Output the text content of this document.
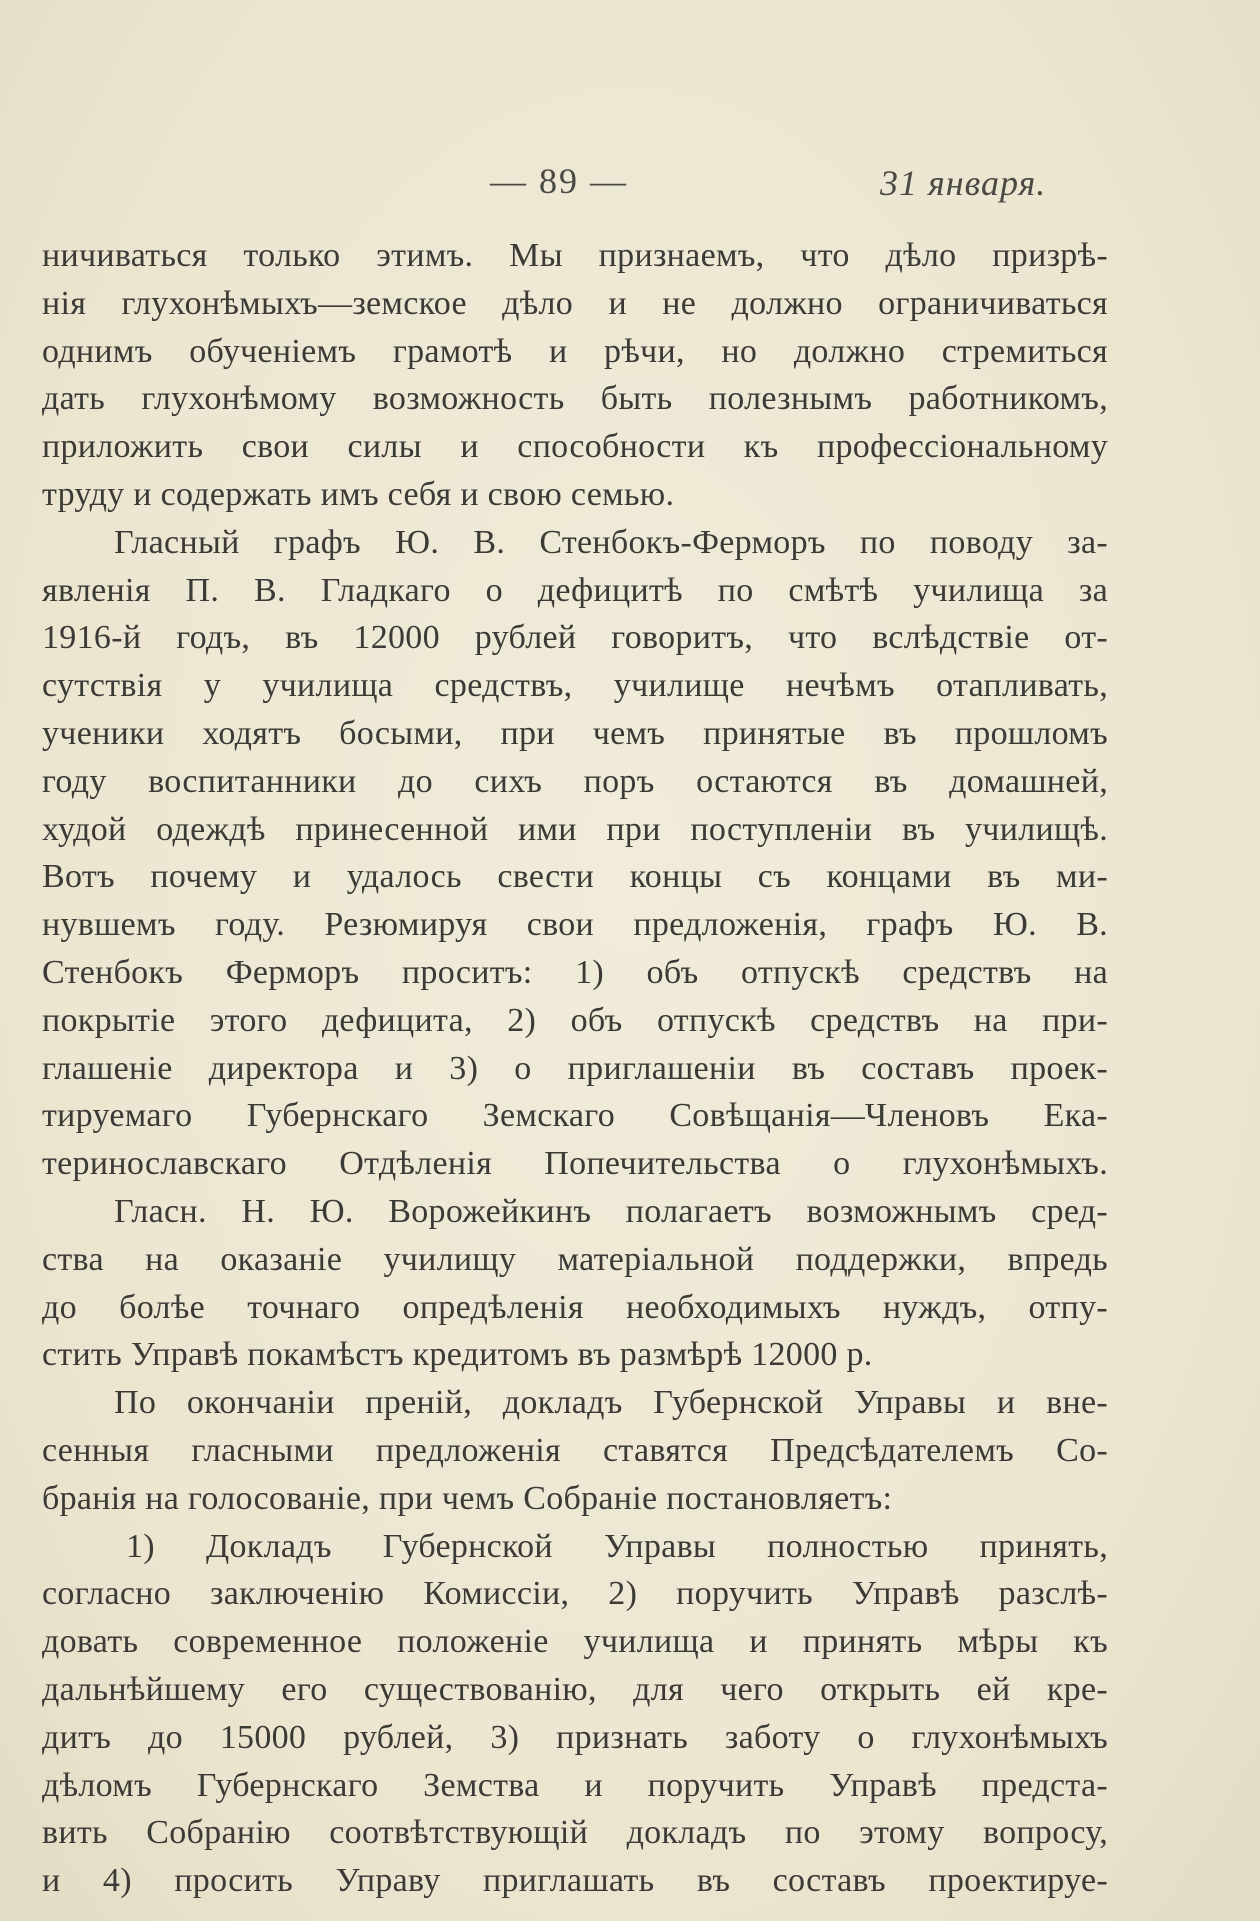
— 89 —	31 января.
ничиваться только этимъ. Мы признаемъ, что дѣло призрѣ-
нія глухонѣмыхъ—земское дѣло и не должно ограничиваться
однимъ обученіемъ грамотѣ и рѣчи, но должно стремиться
дать глухонѣмому возможность быть полезнымъ работникомъ,
приложить свои силы и способности къ профессіональному
труду и содержать имъ себя и свою семью.
Гласный графъ Ю. В. Стенбокъ-Ферморъ по поводу за-
явленія П. В. Гладкаго о дефицитѣ по смѣтѣ училища за
1916-й годъ, въ 12000 рублей говоритъ, что вслѣдствіе от-
сутствія у училища средствъ, училище нечѣмъ отапливать,
ученики ходятъ босыми, при чемъ принятые въ прошломъ
году воспитанники до сихъ поръ остаются въ домашней,
худой одеждѣ принесенной ими при поступленіи въ училищѣ.
Вотъ почему и удалось свести концы съ концами въ ми-
нувшемъ году. Резюмируя свои предложенія, графъ Ю. В.
Стенбокъ Ферморъ проситъ: 1) объ отпускѣ средствъ на
покрытіе этого дефицита, 2) объ отпускѣ средствъ на при-
глашеніе директора и 3) о приглашеніи въ составъ проек-
тируемаго Губернскаго Земскаго Совѣщанія—Членовъ Ека-
теринославскаго Отдѣленія Попечительства о глухонѣмыхъ.
Гласн. Н. Ю. Ворожейкинъ полагаетъ возможнымъ сред-
ства на оказаніе училищу матеріальной поддержки, впредь
до болѣе точнаго опредѣленія необходимыхъ нуждъ, отпу-
стить Управѣ покамѣстъ кредитомъ въ размѣрѣ 12000 р.
По окончаніи преній, докладъ Губернской Управы и вне-
сенныя гласными предложенія ставятся Предсѣдателемъ Со-
бранія на голосованіе, при чемъ Собраніе постановляетъ:
1) Докладъ Губернской Управы полностью принять,
согласно заключенію Комиссіи, 2) поручить Управѣ разслѣ-
довать современное положеніе училища и принять мѣры къ
дальнѣйшему его существованію, для чего открыть ей кре-
дитъ до 15000 рублей, 3) признать заботу о глухонѣмыхъ
дѣломъ Губернскаго Земства и поручить Управѣ предста-
вить Собранію соотвѣтствующій докладъ по этому вопросу,
и 4) просить Управу приглашать въ составъ проектируе-
